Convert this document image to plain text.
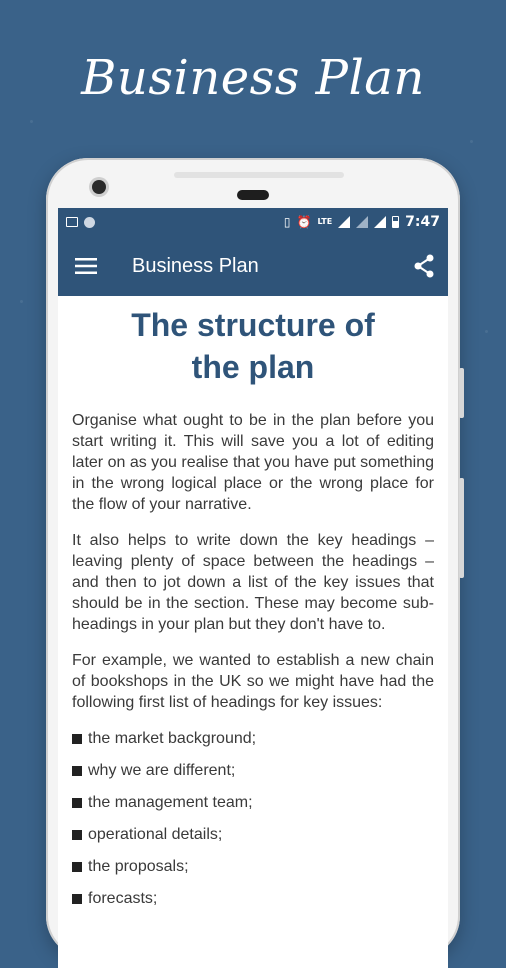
Business Plan
▯ ⏰ LTE	7:47
Business Plan
The structure of
the plan

Organise what ought to be in the plan before you start writing it. This will save you a lot of editing later on as you realise that you have put something in the wrong logical place or the wrong place for the flow of your narrative.

It also helps to write down the key headings – leaving plenty of space between the headings – and then to jot down a list of the key issues that should be in the section. These may become sub-headings in your plan but they don't have to.

For example, we wanted to establish a new chain of bookshops in the UK so we might have had the following first list of headings for key issues:

the market background;
why we are different;
the management team;
operational details;
the proposals;
forecasts;
